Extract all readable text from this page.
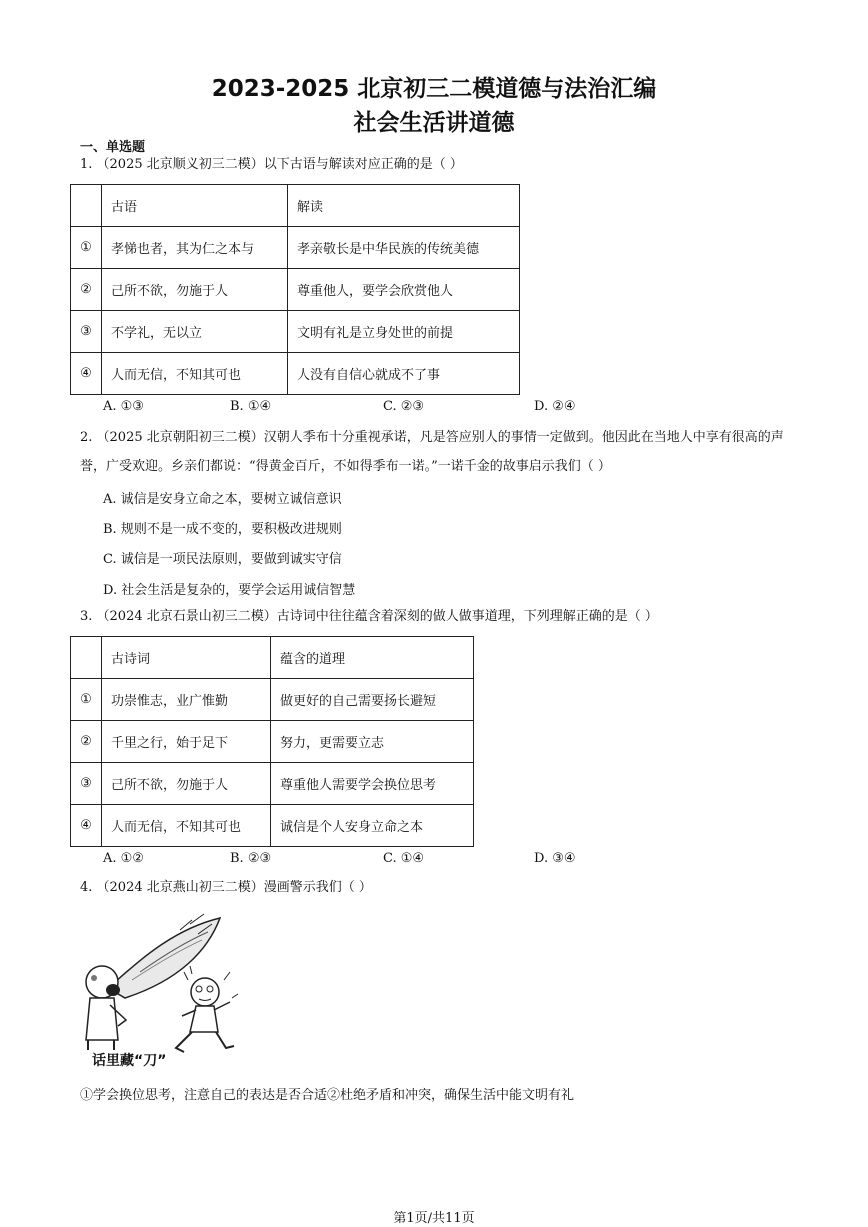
2023-2025 北京初三二模道德与法治汇编
社会生活讲道德
一、单选题
1. （2025 北京顺义初三二模）以下古语与解读对应正确的是（ ）
	古语	解读
①	孝悌也者，其为仁之本与	孝亲敬长是中华民族的传统美德
②	己所不欲，勿施于人	尊重他人，要学会欣赏他人
③	不学礼，无以立	文明有礼是立身处世的前提
④	人而无信，不知其可也	人没有自信心就成不了事
A. ①③	B. ①④	C. ②③	D. ②④
2. （2025 北京朝阳初三二模）汉朝人季布十分重视承诺，凡是答应别人的事情一定做到。他因此在当地人中享有很高的声誉，广受欢迎。乡亲们都说：“得黄金百斤，不如得季布一诺。”一诺千金的故事启示我们（ ）
A. 诚信是安身立命之本，要树立诚信意识
B. 规则不是一成不变的，要积极改进规则
C. 诚信是一项民法原则，要做到诚实守信
D. 社会生活是复杂的，要学会运用诚信智慧
3. （2024 北京石景山初三二模）古诗词中往往蕴含着深刻的做人做事道理，下列理解正确的是（ ）
	古诗词	蕴含的道理
①	功崇惟志，业广惟勤	做更好的自己需要扬长避短
②	千里之行，始于足下	努力，更需要立志
③	己所不欲，勿施于人	尊重他人需要学会换位思考
④	人而无信，不知其可也	诚信是个人安身立命之本
A. ①②	B. ②③	C. ①④	D. ③④
4. （2024 北京燕山初三二模）漫画警示我们（ ）
话里藏“刀”
①学会换位思考，注意自己的表达是否合适②杜绝矛盾和冲突，确保生活中能文明有礼
第1页/共11页
